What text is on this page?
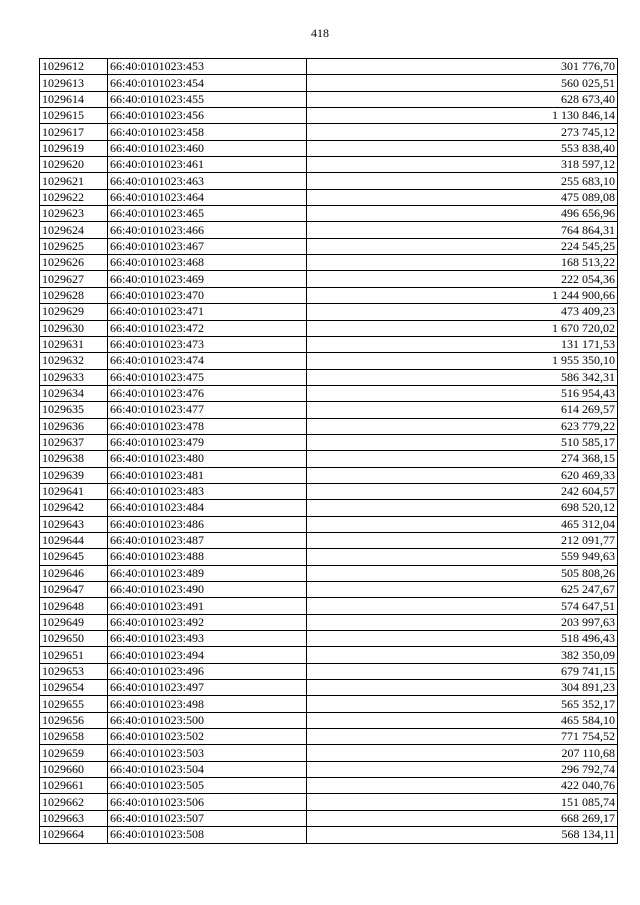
418
1029612	66:40:0101023:453	301 776,70
1029613	66:40:0101023:454	560 025,51
1029614	66:40:0101023:455	628 673,40
1029615	66:40:0101023:456	1 130 846,14
1029617	66:40:0101023:458	273 745,12
1029619	66:40:0101023:460	553 838,40
1029620	66:40:0101023:461	318 597,12
1029621	66:40:0101023:463	255 683,10
1029622	66:40:0101023:464	475 089,08
1029623	66:40:0101023:465	496 656,96
1029624	66:40:0101023:466	764 864,31
1029625	66:40:0101023:467	224 545,25
1029626	66:40:0101023:468	168 513,22
1029627	66:40:0101023:469	222 054,36
1029628	66:40:0101023:470	1 244 900,66
1029629	66:40:0101023:471	473 409,23
1029630	66:40:0101023:472	1 670 720,02
1029631	66:40:0101023:473	131 171,53
1029632	66:40:0101023:474	1 955 350,10
1029633	66:40:0101023:475	586 342,31
1029634	66:40:0101023:476	516 954,43
1029635	66:40:0101023:477	614 269,57
1029636	66:40:0101023:478	623 779,22
1029637	66:40:0101023:479	510 585,17
1029638	66:40:0101023:480	274 368,15
1029639	66:40:0101023:481	620 469,33
1029641	66:40:0101023:483	242 604,57
1029642	66:40:0101023:484	698 520,12
1029643	66:40:0101023:486	465 312,04
1029644	66:40:0101023:487	212 091,77
1029645	66:40:0101023:488	559 949,63
1029646	66:40:0101023:489	505 808,26
1029647	66:40:0101023:490	625 247,67
1029648	66:40:0101023:491	574 647,51
1029649	66:40:0101023:492	203 997,63
1029650	66:40:0101023:493	518 496,43
1029651	66:40:0101023:494	382 350,09
1029653	66:40:0101023:496	679 741,15
1029654	66:40:0101023:497	304 891,23
1029655	66:40:0101023:498	565 352,17
1029656	66:40:0101023:500	465 584,10
1029658	66:40:0101023:502	771 754,52
1029659	66:40:0101023:503	207 110,68
1029660	66:40:0101023:504	296 792,74
1029661	66:40:0101023:505	422 040,76
1029662	66:40:0101023:506	151 085,74
1029663	66:40:0101023:507	668 269,17
1029664	66:40:0101023:508	568 134,11
